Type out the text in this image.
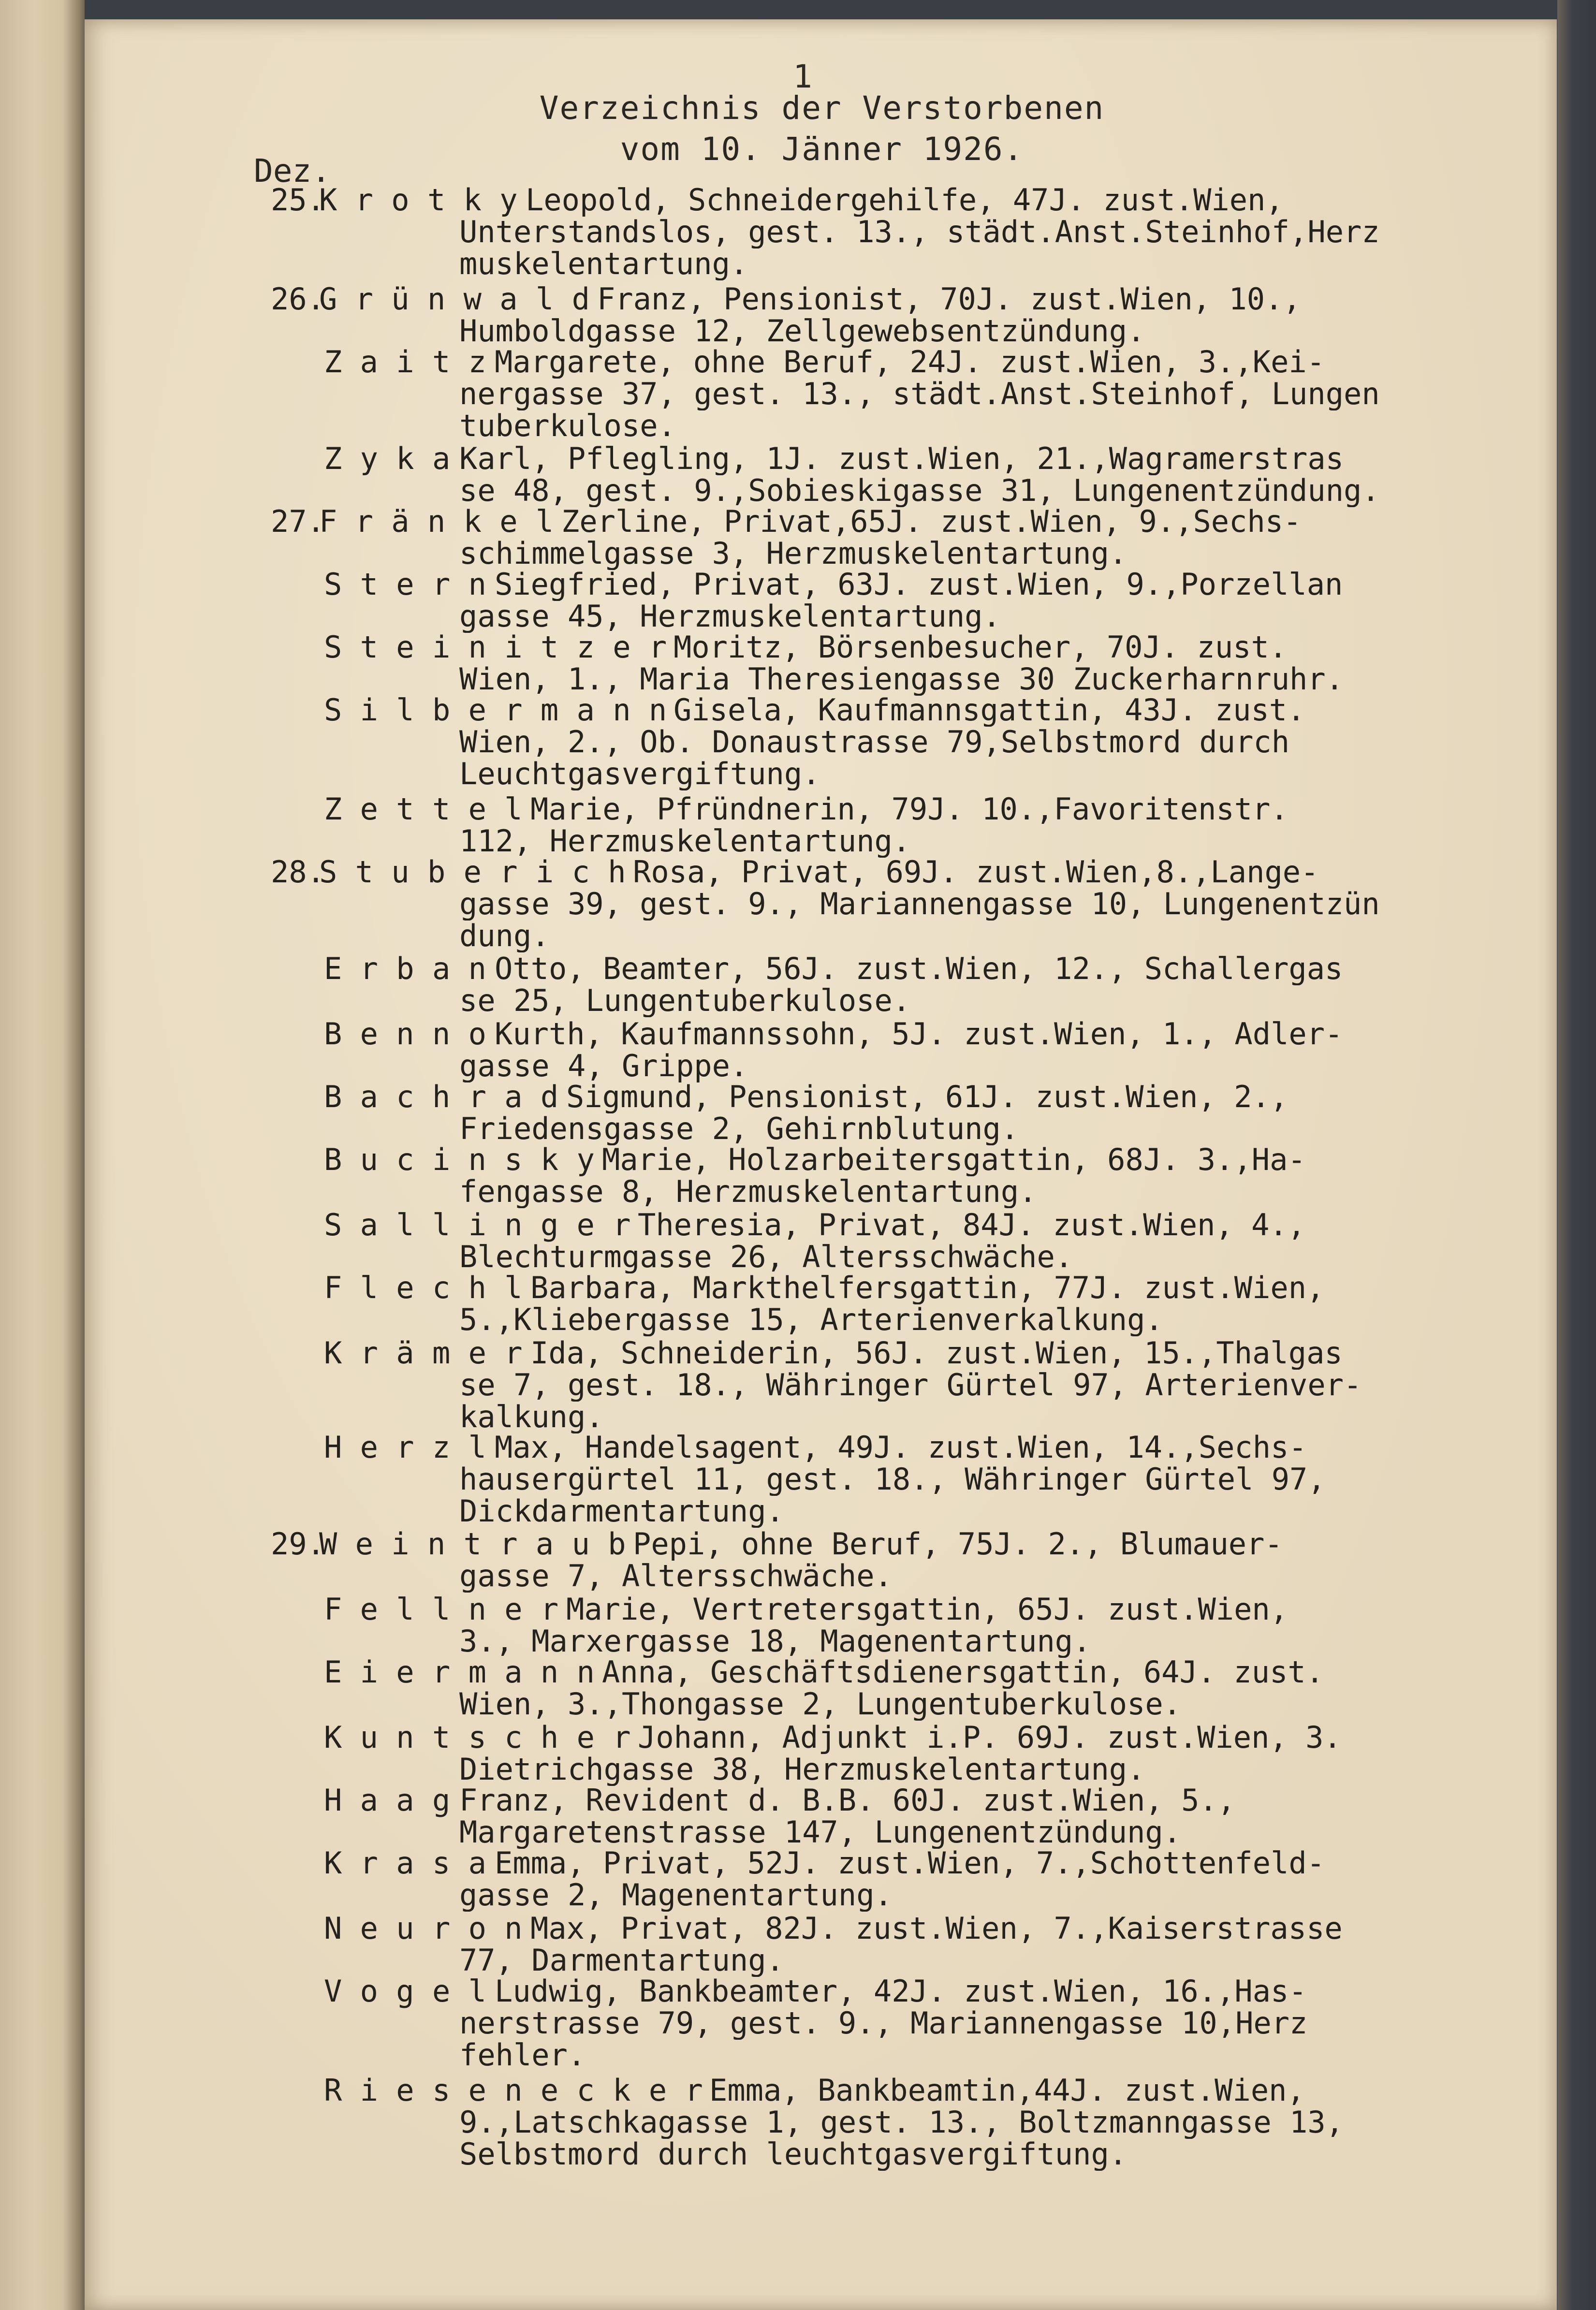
1
Verzeichnis der Verstorbenen
vom 10. Jänner 1926.
Dez.
25.
K r o t k y Leopold, Schneidergehilfe, 47J. zust.Wien,
Unterstandslos, gest. 13., städt.Anst.Steinhof,Herz
muskelentartung.
26.
G r ü n w a l d Franz, Pensionist, 70J. zust.Wien, 10.,
Humboldgasse 12, Zellgewebsentzündung.
Z a i t z Margarete, ohne Beruf, 24J. zust.Wien, 3.,Kei-
nergasse 37, gest. 13., städt.Anst.Steinhof, Lungen
tuberkulose.
Z y k a Karl, Pflegling, 1J. zust.Wien, 21.,Wagramerstras
se 48, gest. 9.,Sobieskigasse 31, Lungenentzündung.
27.
F r ä n k e l Zerline, Privat,65J. zust.Wien, 9.,Sechs-
schimmelgasse 3, Herzmuskelentartung.
S t e r n Siegfried, Privat, 63J. zust.Wien, 9.,Porzellan
gasse 45, Herzmuskelentartung.
S t e i n i t z e r Moritz, Börsenbesucher, 70J. zust.
Wien, 1., Maria Theresiengasse 30 Zuckerharnruhr.
S i l b e r m a n n Gisela, Kaufmannsgattin, 43J. zust.
Wien, 2., Ob. Donaustrasse 79,Selbstmord durch
Leuchtgasvergiftung.
Z e t t e l Marie, Pfründnerin, 79J. 10.,Favoritenstr.
112, Herzmuskelentartung.
28.
S t u b e r i c h Rosa, Privat, 69J. zust.Wien,8.,Lange-
gasse 39, gest. 9., Mariannengasse 10, Lungenentzün
dung.
E r b a n Otto, Beamter, 56J. zust.Wien, 12., Schallergas
se 25, Lungentuberkulose.
B e n n o Kurth, Kaufmannssohn, 5J. zust.Wien, 1., Adler-
gasse 4, Grippe.
B a c h r a d Sigmund, Pensionist, 61J. zust.Wien, 2.,
Friedensgasse 2, Gehirnblutung.
B u c i n s k y Marie, Holzarbeitersgattin, 68J. 3.,Ha-
fengasse 8, Herzmuskelentartung.
S a l l i n g e r Theresia, Privat, 84J. zust.Wien, 4.,
Blechturmgasse 26, Altersschwäche.
F l e c h l Barbara, Markthelfersgattin, 77J. zust.Wien,
5.,Kliebergasse 15, Arterienverkalkung.
K r ä m e r Ida, Schneiderin, 56J. zust.Wien, 15.,Thalgas
se 7, gest. 18., Währinger Gürtel 97, Arterienver-
kalkung.
H e r z l Max, Handelsagent, 49J. zust.Wien, 14.,Sechs-
hausergürtel 11, gest. 18., Währinger Gürtel 97,
Dickdarmentartung.
29.
W e i n t r a u b Pepi, ohne Beruf, 75J. 2., Blumauer-
gasse 7, Altersschwäche.
F e l l n e r Marie, Vertretersgattin, 65J. zust.Wien,
3., Marxergasse 18, Magenentartung.
E i e r m a n n Anna, Geschäftsdienersgattin, 64J. zust.
Wien, 3.,Thongasse 2, Lungentuberkulose.
K u n t s c h e r Johann, Adjunkt i.P. 69J. zust.Wien, 3.
Dietrichgasse 38, Herzmuskelentartung.
H a a g Franz, Revident d. B.B. 60J. zust.Wien, 5.,
Margaretenstrasse 147, Lungenentzündung.
K r a s a Emma, Privat, 52J. zust.Wien, 7.,Schottenfeld-
gasse 2, Magenentartung.
N e u r o n Max, Privat, 82J. zust.Wien, 7.,Kaiserstrasse
77, Darmentartung.
V o g e l Ludwig, Bankbeamter, 42J. zust.Wien, 16.,Has-
nerstrasse 79, gest. 9., Mariannengasse 10,Herz
fehler.
R i e s e n e c k e r Emma, Bankbeamtin,44J. zust.Wien,
9.,Latschkagasse 1, gest. 13., Boltzmanngasse 13,
Selbstmord durch leuchtgasvergiftung.
